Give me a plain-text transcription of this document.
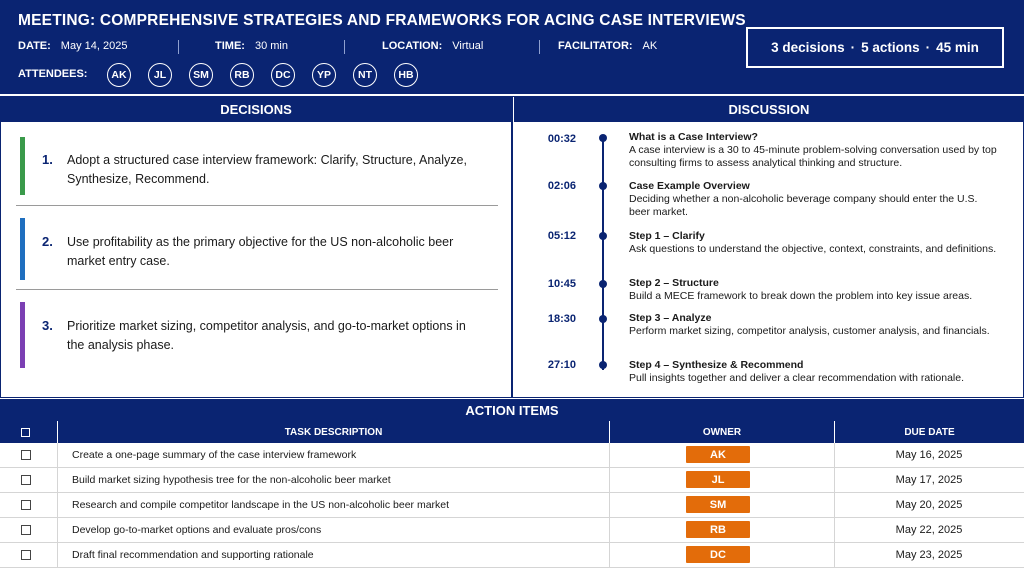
MEETING: COMPREHENSIVE STRATEGIES AND FRAMEWORKS FOR ACING CASE INTERVIEWS
DATE: May 14, 2025	TIME: 30 min	LOCATION: Virtual	FACILITATOR: AK
ATTENDEES:	AK	JL	SM	RB	DC	YP	NT	HB
3 decisions · 5 actions · 45 min
DECISIONS
1. Adopt a structured case interview framework: Clarify, Structure, Analyze, Synthesize, Recommend.
2. Use profitability as the primary objective for the US non-alcoholic beer market entry case.
3. Prioritize market sizing, competitor analysis, and go-to-market options in the analysis phase.
DISCUSSION
00:32	What is a Case Interview?
A case interview is a 30 to 45-minute problem-solving conversation used by top consulting firms to assess analytical thinking and structure.
02:06	Case Example Overview
Deciding whether a non-alcoholic beverage company should enter the U.S. beer market.
05:12	Step 1 – Clarify
Ask questions to understand the objective, context, constraints, and definitions.
10:45	Step 2 – Structure
Build a MECE framework to break down the problem into key issue areas.
18:30	Step 3 – Analyze
Perform market sizing, competitor analysis, customer analysis, and financials.
27:10	Step 4 – Synthesize & Recommend
Pull insights together and deliver a clear recommendation with rationale.
ACTION ITEMS
TASK DESCRIPTION	OWNER	DUE DATE
Create a one-page summary of the case interview framework	AK	May 16, 2025
Build market sizing hypothesis tree for the non-alcoholic beer market	JL	May 17, 2025
Research and compile competitor landscape in the US non-alcoholic beer market	SM	May 20, 2025
Develop go-to-market options and evaluate pros/cons	RB	May 22, 2025
Draft final recommendation and supporting rationale	DC	May 23, 2025
